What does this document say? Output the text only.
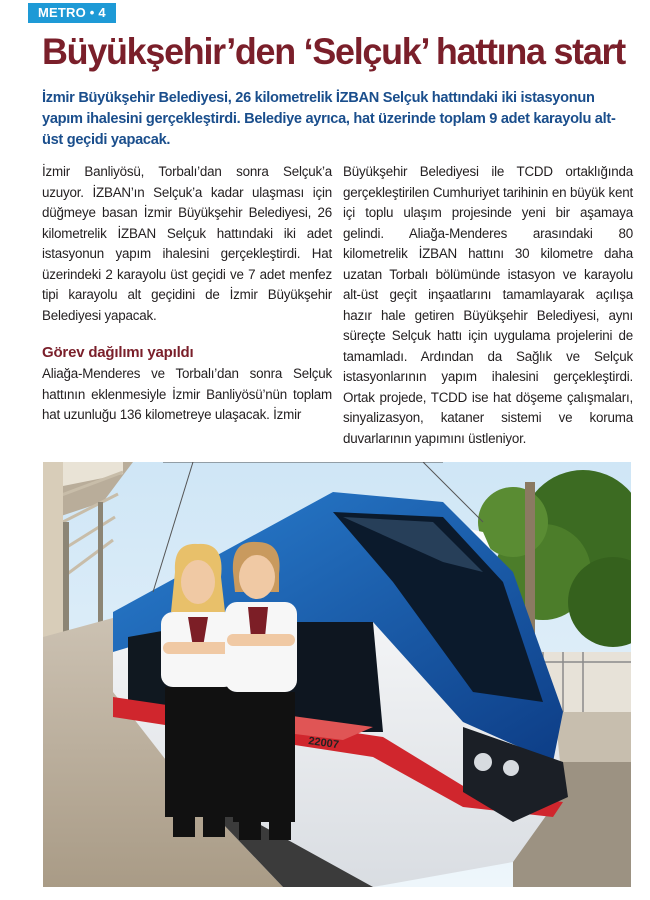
METRO • 4
Büyükşehir’den ‘Selçuk’ hattına start

İzmir Büyükşehir Belediyesi, 26 kilometrelik İZBAN Selçuk hattındaki iki istasyonun yapım ihalesini gerçekleştirdi. Belediye ayrıca, hat üzerinde toplam 9 adet karayolu alt-üst geçidi yapacak.

İzmir Banliyösü, Torbalı’dan sonra Selçuk’a uzuyor. İZBAN’ın Selçuk’a kadar ulaşması için düğmeye basan İzmir Büyükşehir Belediyesi, 26 kilometrelik İZBAN Selçuk hattındaki iki adet istasyonun yapım ihalesini gerçekleştirdi. Hat üzerindeki 2 karayolu üst geçidi ve 7 adet menfez tipi karayolu alt geçidini de İzmir Büyükşehir Belediyesi yapacak.

Görev dağılımı yapıldı

Aliağa-Menderes ve Torbalı’dan sonra Selçuk hattının eklenmesiyle İzmir Banliyösü’nün toplam hat uzunluğu 136 kilometreye ulaşacak. İzmir

Büyükşehir Belediyesi ile TCDD ortaklığında gerçekleştirilen Cumhuriyet tarihinin en büyük kent içi toplu ulaşım projesinde yeni bir aşamaya gelindi. Aliağa-Menderes arasındaki 80 kilometrelik İZBAN hattını 30 kilometre daha uzatan Torbalı bölümünde istasyon ve karayolu alt-üst geçit inşaatlarını tamamlayarak açılışa hazır hale getiren Büyükşehir Belediyesi, aynı süreçte Selçuk hattı için uygulama projelerini de tamamladı. Ardından da Sağlık ve Selçuk istasyonlarının yapım ihalesini gerçekleştirdi. Ortak projede, TCDD ise hat döşeme çalışmaları, sinyalizasyon, kataner sistemi ve koruma duvarlarının yapımını üstleniyor.

22007
